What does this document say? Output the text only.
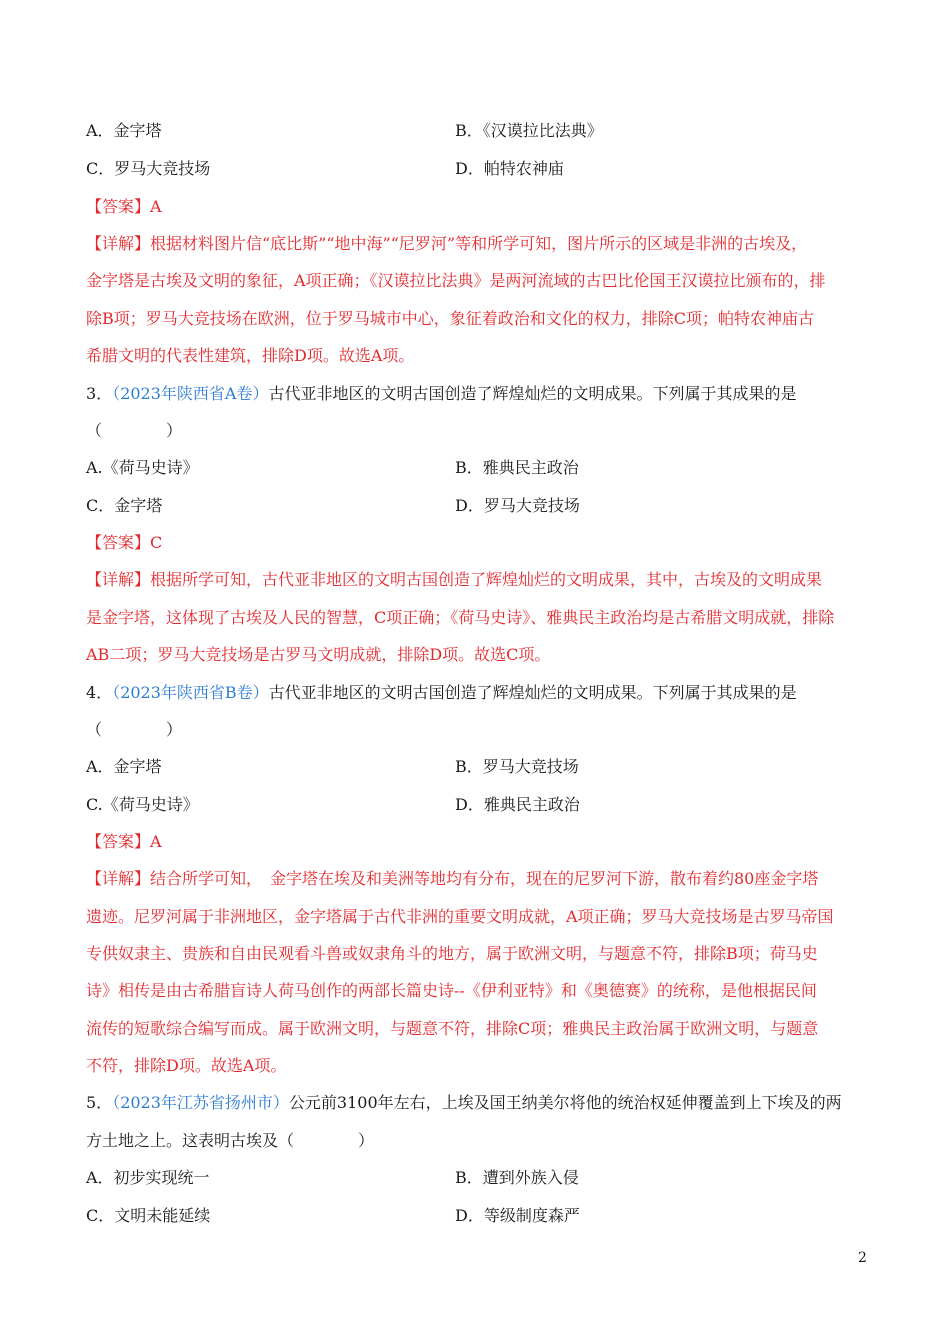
A．金字塔	B．《汉谟拉比法典》
C．罗马大竞技场	D．帕特农神庙
【答案】A
【详解】根据材料图片信“底比斯”“地中海”“尼罗河”等和所学可知，图片所示的区域是非洲的古埃及，
金字塔是古埃及文明的象征，A项正确；《汉谟拉比法典》是两河流域的古巴比伦国王汉谟拉比颁布的，排
除B项；罗马大竞技场在欧洲，位于罗马城市中心，象征着政治和文化的权力，排除C项；帕特农神庙古
希腊文明的代表性建筑，排除D项。故选A项。
3．（2023年陕西省A卷）古代亚非地区的文明古国创造了辉煌灿烂的文明成果。下列属于其成果的是
（　　　　）
A.《荷马史诗》	B．雅典民主政治
C．金字塔	D．罗马大竞技场
【答案】C
【详解】根据所学可知，古代亚非地区的文明古国创造了辉煌灿烂的文明成果，其中，古埃及的文明成果
是金字塔，这体现了古埃及人民的智慧，C项正确；《荷马史诗》、雅典民主政治均是古希腊文明成就，排除
AB二项；罗马大竞技场是古罗马文明成就，排除D项。故选C项。
4．（2023年陕西省B卷）古代亚非地区的文明古国创造了辉煌灿烂的文明成果。下列属于其成果的是
（　　　　）
A．金字塔	B．罗马大竞技场
C.《荷马史诗》	D．雅典民主政治
【答案】A
【详解】结合所学可知，　金字塔在埃及和美洲等地均有分布，现在的尼罗河下游，散布着约80座金字塔
遗迹。尼罗河属于非洲地区，金字塔属于古代非洲的重要文明成就，A项正确；罗马大竞技场是古罗马帝国
专供奴隶主、贵族和自由民观看斗兽或奴隶角斗的地方，属于欧洲文明，与题意不符，排除B项；荷马史
诗》相传是由古希腊盲诗人荷马创作的两部长篇史诗--《伊利亚特》和《奥德赛》的统称，是他根据民间
流传的短歌综合编写而成。属于欧洲文明，与题意不符，排除C项；雅典民主政治属于欧洲文明，与题意
不符，排除D项。故选A项。
5．（2023年江苏省扬州市）公元前3100年左右，上埃及国王纳美尔将他的统治权延伸覆盖到上下埃及的两
方土地之上。这表明古埃及（　　　　）
A．初步实现统一	B．遭到外族入侵
C．文明未能延续	D．等级制度森严
2
